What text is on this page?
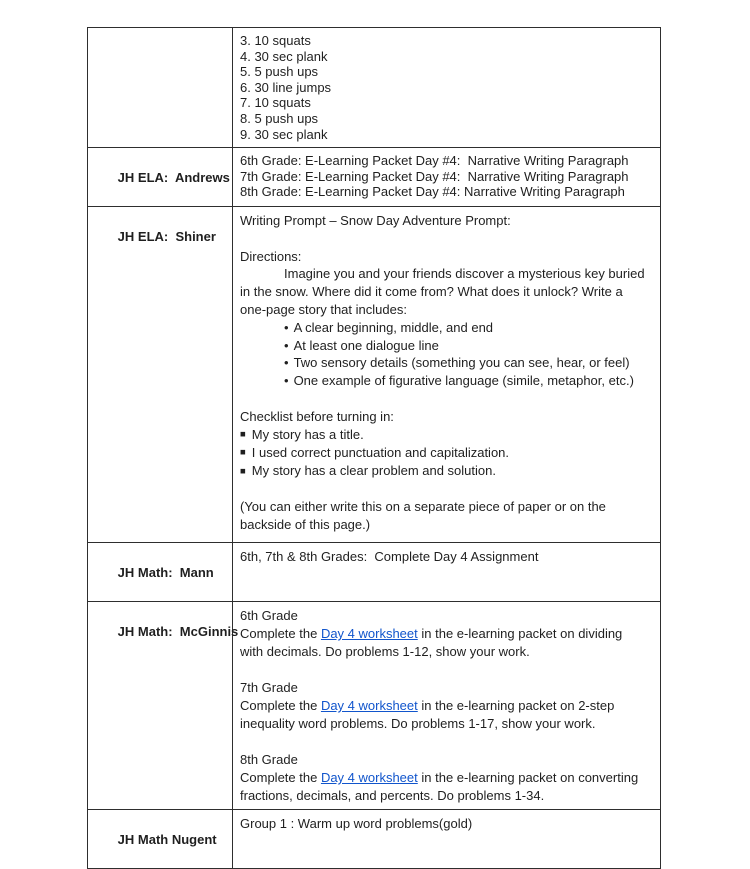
3. 10 squats
4. 30 sec plank
5. 5 push ups
6. 30 line jumps
7. 10 squats
8. 5 push ups
9. 30 sec plank

JH ELA:  Andrews

6th Grade: E-Learning Packet Day #4:  Narrative Writing Paragraph
7th Grade: E-Learning Packet Day #4:  Narrative Writing Paragraph
8th Grade: E-Learning Packet Day #4: Narrative Writing Paragraph

JH ELA:  Shiner

Writing Prompt – Snow Day Adventure Prompt:
Directions:
Imagine you and your friends discover a mysterious key buried
in the snow. Where did it come from? What does it unlock? Write a
one-page story that includes:
• A clear beginning, middle, and end
• At least one dialogue line
• Two sensory details (something you can see, hear, or feel)
• One example of figurative language (simile, metaphor, etc.)
Checklist before turning in:
■ My story has a title.
■ I used correct punctuation and capitalization.
■ My story has a clear problem and solution.
(You can either write this on a separate piece of paper or on the
backside of this page.)

JH Math:  Mann

6th, 7th & 8th Grades:  Complete Day 4 Assignment

JH Math:  McGinnis

6th Grade
Complete the Day 4 worksheet in the e-learning packet on dividing
with decimals. Do problems 1-12, show your work.
7th Grade
Complete the Day 4 worksheet in the e-learning packet on 2-step
inequality word problems. Do problems 1-17, show your work.
8th Grade
Complete the Day 4 worksheet in the e-learning packet on converting
fractions, decimals, and percents. Do problems 1-34.

JH Math Nugent

Group 1 : Warm up word problems(gold)
